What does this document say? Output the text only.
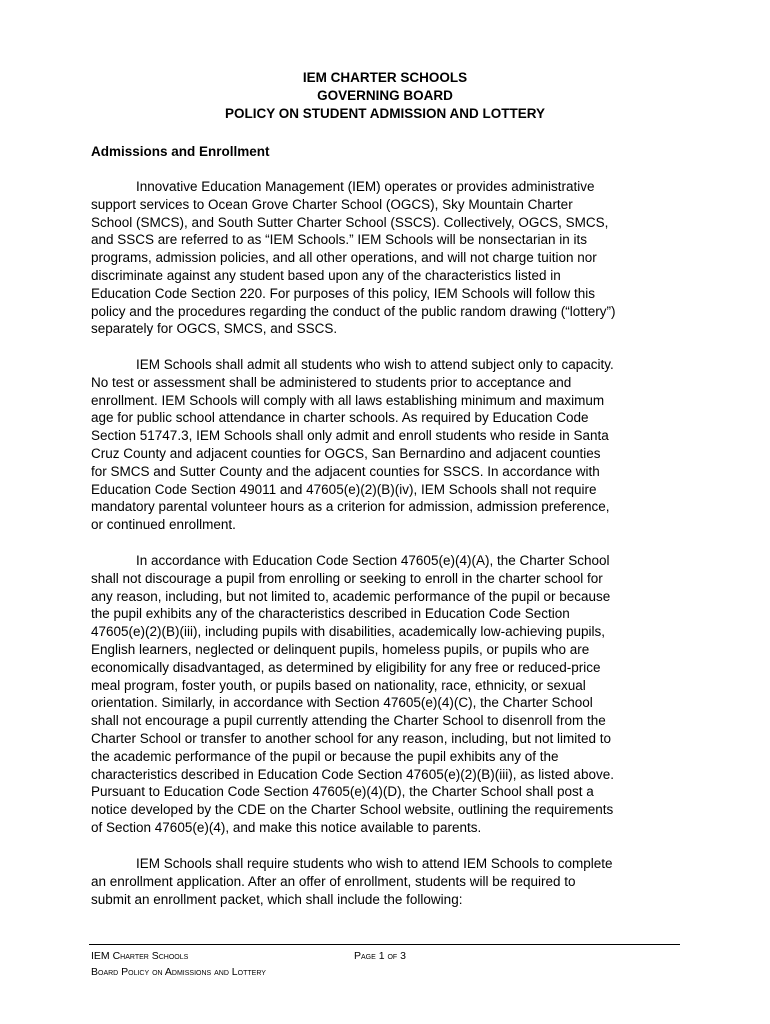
IEM CHARTER SCHOOLS
GOVERNING BOARD
POLICY ON STUDENT ADMISSION AND LOTTERY
Admissions and Enrollment
Innovative Education Management (IEM) operates or provides administrative
support services to Ocean Grove Charter School (OGCS), Sky Mountain Charter
School (SMCS), and South Sutter Charter School (SSCS). Collectively, OGCS, SMCS,
and SSCS are referred to as “IEM Schools.” IEM Schools will be nonsectarian in its
programs, admission policies, and all other operations, and will not charge tuition nor
discriminate against any student based upon any of the characteristics listed in
Education Code Section 220. For purposes of this policy, IEM Schools will follow this
policy and the procedures regarding the conduct of the public random drawing (“lottery”)
separately for OGCS, SMCS, and SSCS.
IEM Schools shall admit all students who wish to attend subject only to capacity.
No test or assessment shall be administered to students prior to acceptance and
enrollment. IEM Schools will comply with all laws establishing minimum and maximum
age for public school attendance in charter schools. As required by Education Code
Section 51747.3, IEM Schools shall only admit and enroll students who reside in Santa
Cruz County and adjacent counties for OGCS, San Bernardino and adjacent counties
for SMCS and Sutter County and the adjacent counties for SSCS. In accordance with
Education Code Section 49011 and 47605(e)(2)(B)(iv), IEM Schools shall not require
mandatory parental volunteer hours as a criterion for admission, admission preference,
or continued enrollment.
In accordance with Education Code Section 47605(e)(4)(A), the Charter School
shall not discourage a pupil from enrolling or seeking to enroll in the charter school for
any reason, including, but not limited to, academic performance of the pupil or because
the pupil exhibits any of the characteristics described in Education Code Section
47605(e)(2)(B)(iii), including pupils with disabilities, academically low-achieving pupils,
English learners, neglected or delinquent pupils, homeless pupils, or pupils who are
economically disadvantaged, as determined by eligibility for any free or reduced-price
meal program, foster youth, or pupils based on nationality, race, ethnicity, or sexual
orientation. Similarly, in accordance with Section 47605(e)(4)(C), the Charter School
shall not encourage a pupil currently attending the Charter School to disenroll from the
Charter School or transfer to another school for any reason, including, but not limited to
the academic performance of the pupil or because the pupil exhibits any of the
characteristics described in Education Code Section 47605(e)(2)(B)(iii), as listed above.
Pursuant to Education Code Section 47605(e)(4)(D), the Charter School shall post a
notice developed by the CDE on the Charter School website, outlining the requirements
of Section 47605(e)(4), and make this notice available to parents.
IEM Schools shall require students who wish to attend IEM Schools to complete
an enrollment application. After an offer of enrollment, students will be required to
submit an enrollment packet, which shall include the following:
IEM Charter Schools
Board Policy on Admissions and Lottery
Page 1 of 3
